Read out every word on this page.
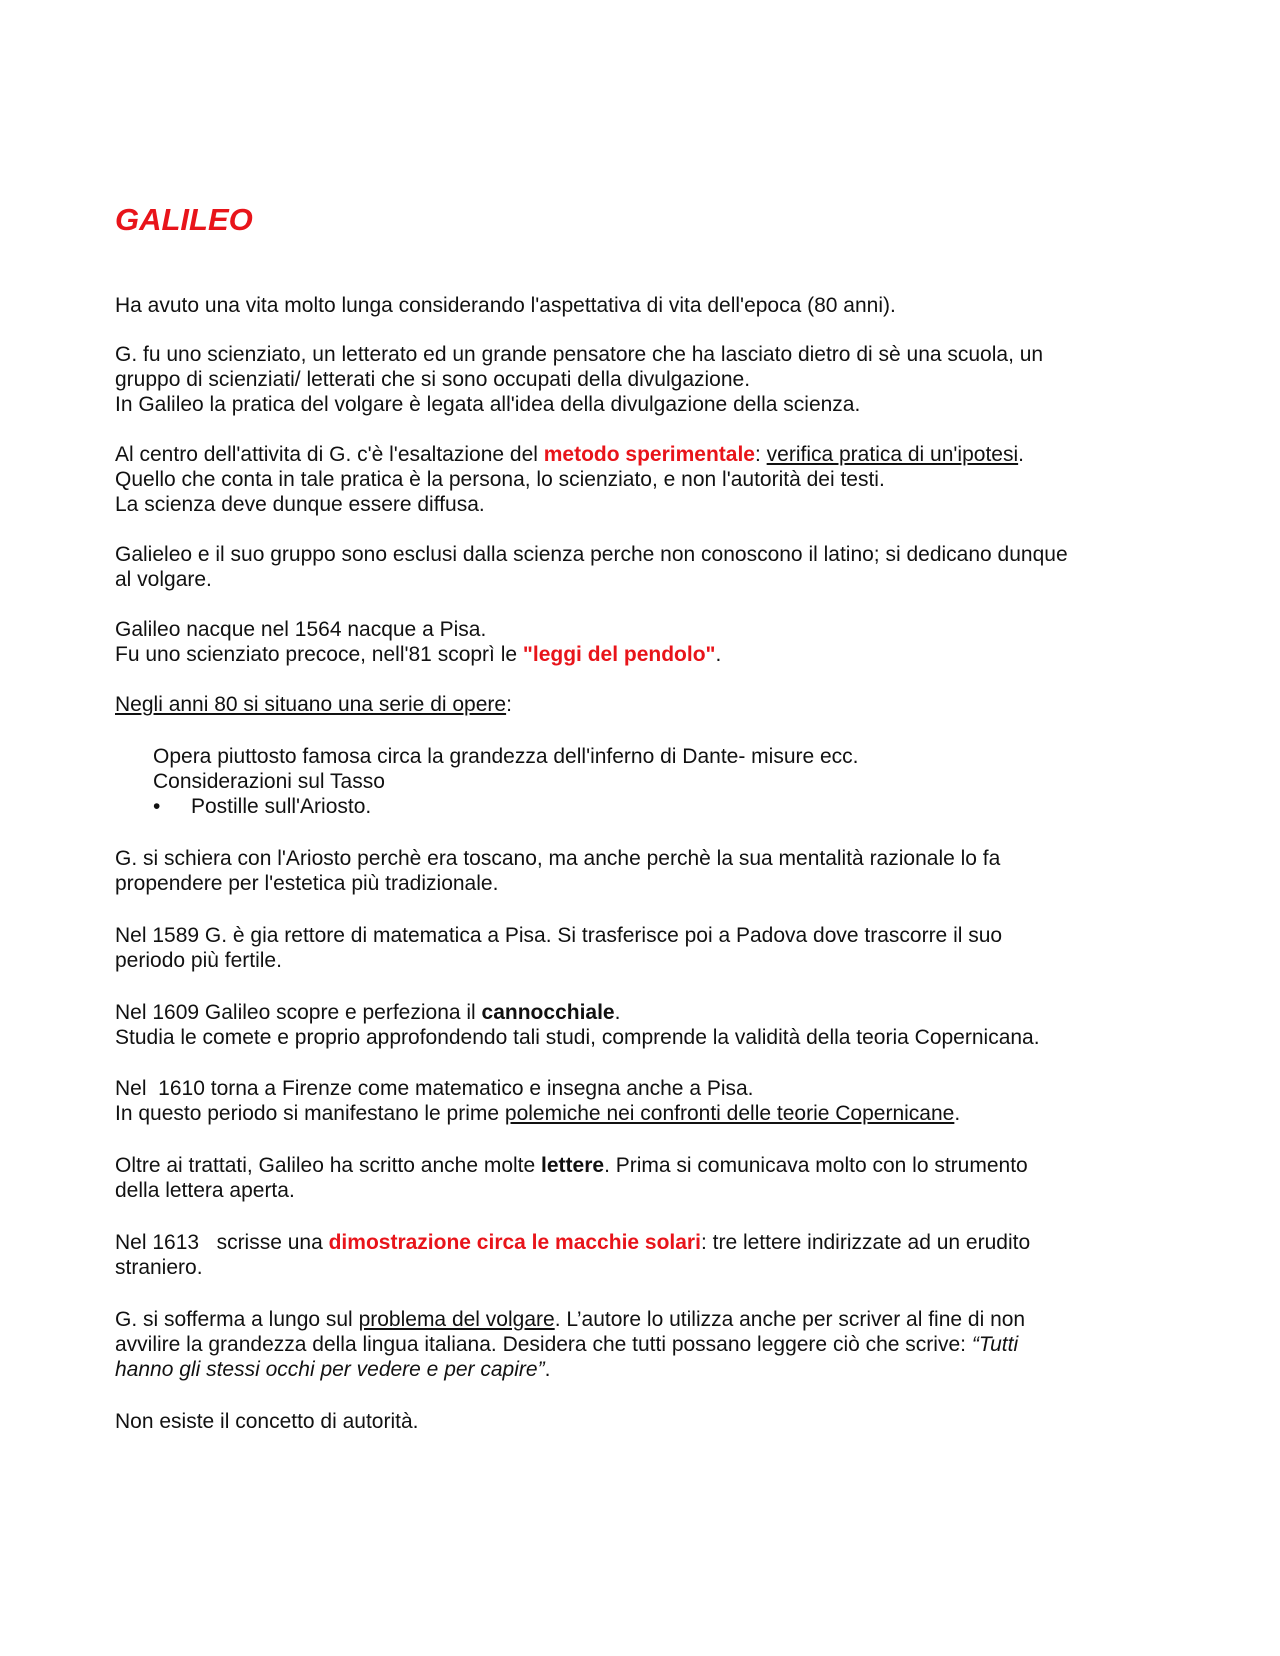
GALILEO

Ha avuto una vita molto lunga considerando l'aspettativa di vita dell'epoca (80 anni).

G. fu uno scienziato, un letterato ed un grande pensatore che ha lasciato dietro di sè una scuola, un

gruppo di scienziati/ letterati che si sono occupati della divulgazione.

In Galileo la pratica del volgare è legata all'idea della divulgazione della scienza.

Al centro dell'attivita di G. c'è l'esaltazione del metodo sperimentale: verifica pratica di un'ipotesi.

Quello che conta in tale pratica è la persona, lo scienziato, e non l'autorità dei testi.

La scienza deve dunque essere diffusa.

Galieleo e il suo gruppo sono esclusi dalla scienza perche non conoscono il latino; si dedicano dunque

al volgare.

Galileo nacque nel 1564 nacque a Pisa.

Fu uno scienziato precoce, nell'81 scoprì le "leggi del pendolo".

Negli anni 80 si situano una serie di opere:

Opera piuttosto famosa circa la grandezza dell'inferno di Dante- misure ecc.

Considerazioni sul Tasso

•	Postille sull'Ariosto.

G. si schiera con l'Ariosto perchè era toscano, ma anche perchè la sua mentalità razionale lo fa

propendere per l'estetica più tradizionale.

Nel 1589 G. è gia rettore di matematica a Pisa. Si trasferisce poi a Padova dove trascorre il suo

periodo più fertile.

Nel 1609 Galileo scopre e perfeziona il cannocchiale.

Studia le comete e proprio approfondendo tali studi, comprende la validità della teoria Copernicana.

Nel  1610 torna a Firenze come matematico e insegna anche a Pisa.

In questo periodo si manifestano le prime polemiche nei confronti delle teorie Copernicane.

Oltre ai trattati, Galileo ha scritto anche molte lettere. Prima si comunicava molto con lo strumento

della lettera aperta.

Nel 1613   scrisse una dimostrazione circa le macchie solari: tre lettere indirizzate ad un erudito

straniero.

G. si sofferma a lungo sul problema del volgare. L’autore lo utilizza anche per scriver al fine di non

avvilire la grandezza della lingua italiana. Desidera che tutti possano leggere ciò che scrive: “Tutti

hanno gli stessi occhi per vedere e per capire”.

Non esiste il concetto di autorità.
